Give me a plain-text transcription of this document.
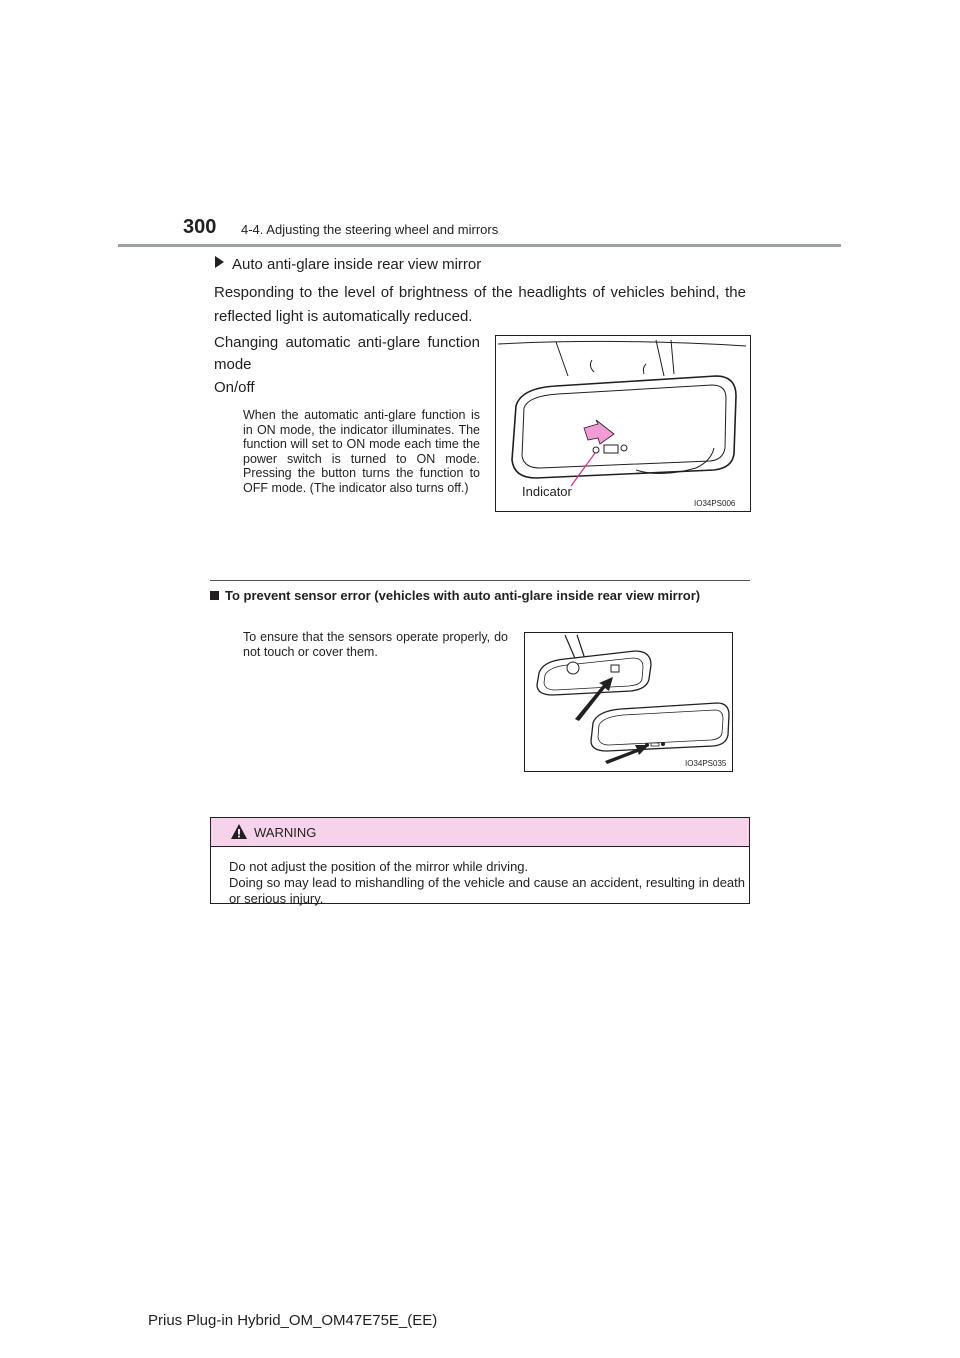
300 4-4. Adjusting the steering wheel and mirrors
Auto anti-glare inside rear view mirror
Responding to the level of brightness of the headlights of vehicles behind, the reflected light is automatically reduced.
Changing automatic anti-glare function mode
On/off
When the automatic anti-glare function is in ON mode, the indicator illuminates. The function will set to ON mode each time the power switch is turned to ON mode. Pressing the button turns the function to OFF mode. (The indicator also turns off.)	Indicator
IO34PS006
To prevent sensor error (vehicles with auto anti-glare inside rear view mirror)
To ensure that the sensors operate properly, do not touch or cover them.
IO34PS035
WARNING
Do not adjust the position of the mirror while driving.
Doing so may lead to mishandling of the vehicle and cause an accident, resulting in death or serious injury.
Prius Plug-in Hybrid_OM_OM47E75E_(EE)
